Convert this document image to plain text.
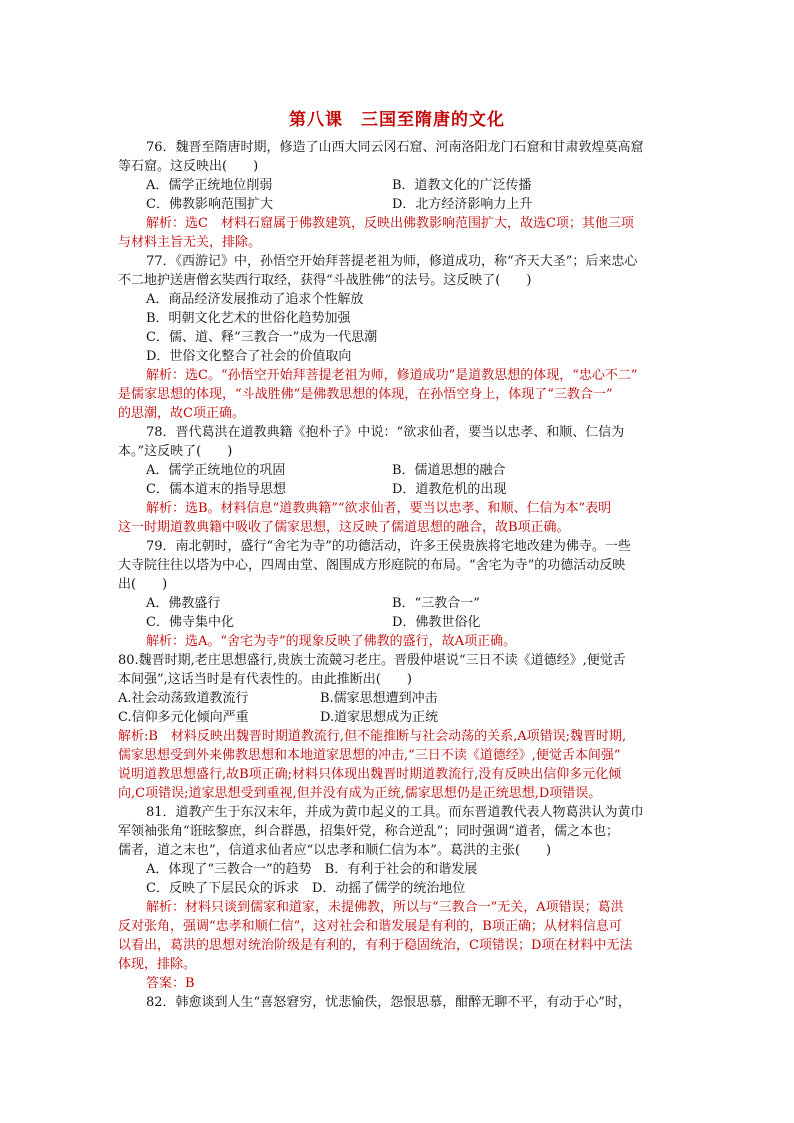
第八课　三国至隋唐的文化
76．魏晋至隋唐时期，修造了山西大同云冈石窟、河南洛阳龙门石窟和甘肃敦煌莫高窟
等石窟。这反映出(　　)
A．儒学正统地位削弱	B．道教文化的广泛传播
C．佛教影响范围扩大	D．北方经济影响力上升
解析：选C　材料石窟属于佛教建筑，反映出佛教影响范围扩大，故选C项；其他三项
与材料主旨无关，排除。
77．《西游记》中，孙悟空开始拜菩提老祖为师，修道成功，称“齐天大圣”；后来忠心
不二地护送唐僧玄奘西行取经，获得“斗战胜佛”的法号。这反映了(　　)
A．商品经济发展推动了追求个性解放
B．明朝文化艺术的世俗化趋势加强
C．儒、道、释“三教合一”成为一代思潮
D．世俗文化整合了社会的价值取向
解析：选C。“孙悟空开始拜菩提老祖为师，修道成功”是道教思想的体现，“忠心不二”
是儒家思想的体现，“斗战胜佛”是佛教思想的体现，在孙悟空身上，体现了“三教合一”
的思潮，故C项正确。
78．晋代葛洪在道教典籍《抱朴子》中说：“欲求仙者，要当以忠孝、和顺、仁信为
本。”这反映了(　　)
A．儒学正统地位的巩固	B．儒道思想的融合
C．儒本道末的指导思想	D．道教危机的出现
解析：选B。材料信息“道教典籍”“欲求仙者，要当以忠孝、和顺、仁信为本”表明
这一时期道教典籍中吸收了儒家思想，这反映了儒道思想的融合，故B项正确。
79．南北朝时，盛行“舍宅为寺”的功德活动，许多王侯贵族将宅地改建为佛寺。一些
大寺院往往以塔为中心，四周由堂、阁围成方形庭院的布局。“舍宅为寺”的功德活动反映
出(　　)
A．佛教盛行	B．“三教合一”
C．佛寺集中化	D．佛教世俗化
解析：选A。“舍宅为寺”的现象反映了佛教的盛行，故A项正确。
80.魏晋时期,老庄思想盛行,贵族士流競习老庄。晋殷仲堪说“三日不读《道德经》,便觉舌
本间强”,这话当时是有代表性的。由此推断出(　　)
A.社会动荡致道教流行	B.儒家思想遭到冲击
C.信仰多元化倾向严重	D.道家思想成为正统
解析:B　材料反映出魏晋时期道教流行,但不能推断与社会动荡的关系,A项错误;魏晋时期,
儒家思想受到外来佛教思想和本地道家思想的冲击,“三日不读《道德经》,便觉舌本间强”
说明道教思想盛行,故B项正确;材料只体现出魏晋时期道教流行,没有反映出信仰多元化倾
向,C项错误;道家思想受到重视,但并没有成为正统,儒家思想仍是正统思想,D项错误。
81．道教产生于东汉末年，并成为黄巾起义的工具。而东晋道教代表人物葛洪认为黄巾
军领袖张角“诳眩黎庶，纠合群愚，招集奸党，称合逆乱”；同时强调“道者，儒之本也；
儒者，道之末也”，信道求仙者应“以忠孝和顺仁信为本”。葛洪的主张(　　)
A．体现了“三教合一”的趋势　B．有利于社会的和谐发展
C．反映了下层民众的诉求　D．动摇了儒学的统治地位
解析：材料只谈到儒家和道家，未提佛教，所以与“三教合一”无关，A项错误；葛洪
反对张角，强调“忠孝和顺仁信”，这对社会和谐发展是有利的，B项正确；从材料信息可
以看出，葛洪的思想对统治阶级是有利的，有利于稳固统治，C项错误；D项在材料中无法
体现，排除。
答案：B
82．韩愈谈到人生“喜怒窘穷，忧悲愉佚，怨恨思慕，酣醉无聊不平，有动于心”时，
